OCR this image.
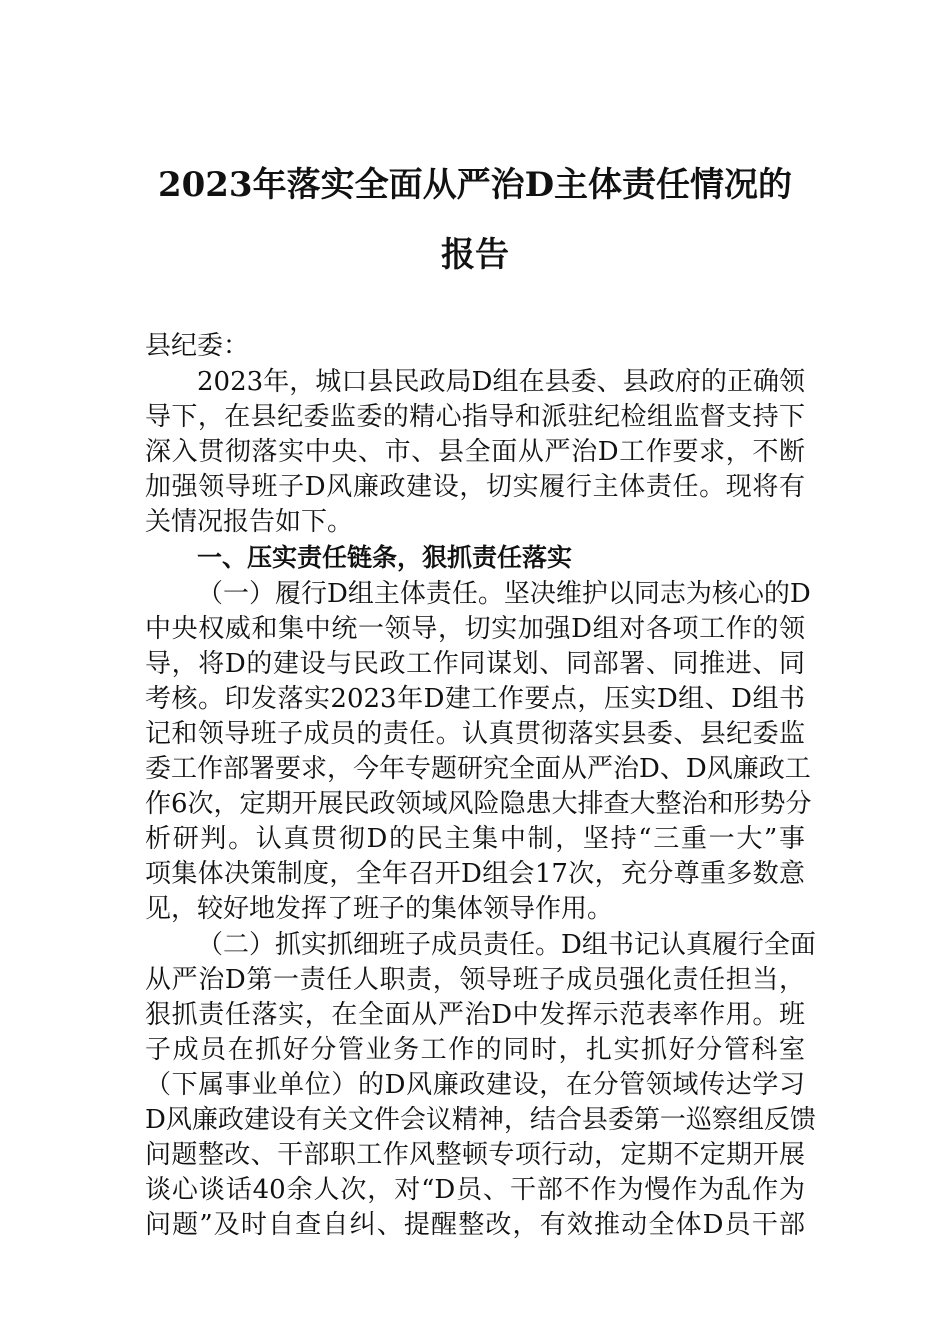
2023年落实全面从严治D主体责任情况的
报告
县纪委：
2023年，城口县民政局D组在县委、县政府的正确领
导下，在县纪委监委的精心指导和派驻纪检组监督支持下
深入贯彻落实中央、市、县全面从严治D工作要求，不断
加强领导班子D风廉政建设，切实履行主体责任。现将有
关情况报告如下。
一、压实责任链条，狠抓责任落实
（一）履行D组主体责任。坚决维护以同志为核心的D
中央权威和集中统一领导，切实加强D组对各项工作的领
导，将D的建设与民政工作同谋划、同部署、同推进、同
考核。印发落实2023年D建工作要点，压实D组、D组书
记和领导班子成员的责任。认真贯彻落实县委、县纪委监
委工作部署要求，今年专题研究全面从严治D、D风廉政工
作6次，定期开展民政领域风险隐患大排查大整治和形势分
析研判。认真贯彻D的民主集中制，坚持“三重一大”事
项集体决策制度，全年召开D组会17次，充分尊重多数意
见，较好地发挥了班子的集体领导作用。
（二）抓实抓细班子成员责任。D组书记认真履行全面
从严治D第一责任人职责，领导班子成员强化责任担当，
狠抓责任落实，在全面从严治D中发挥示范表率作用。班
子成员在抓好分管业务工作的同时，扎实抓好分管科室
（下属事业单位）的D风廉政建设，在分管领域传达学习
D风廉政建设有关文件会议精神，结合县委第一巡察组反馈
问题整改、干部职工作风整顿专项行动，定期不定期开展
谈心谈话40余人次，对“D员、干部不作为慢作为乱作为
问题”及时自查自纠、提醒整改，有效推动全体D员干部
